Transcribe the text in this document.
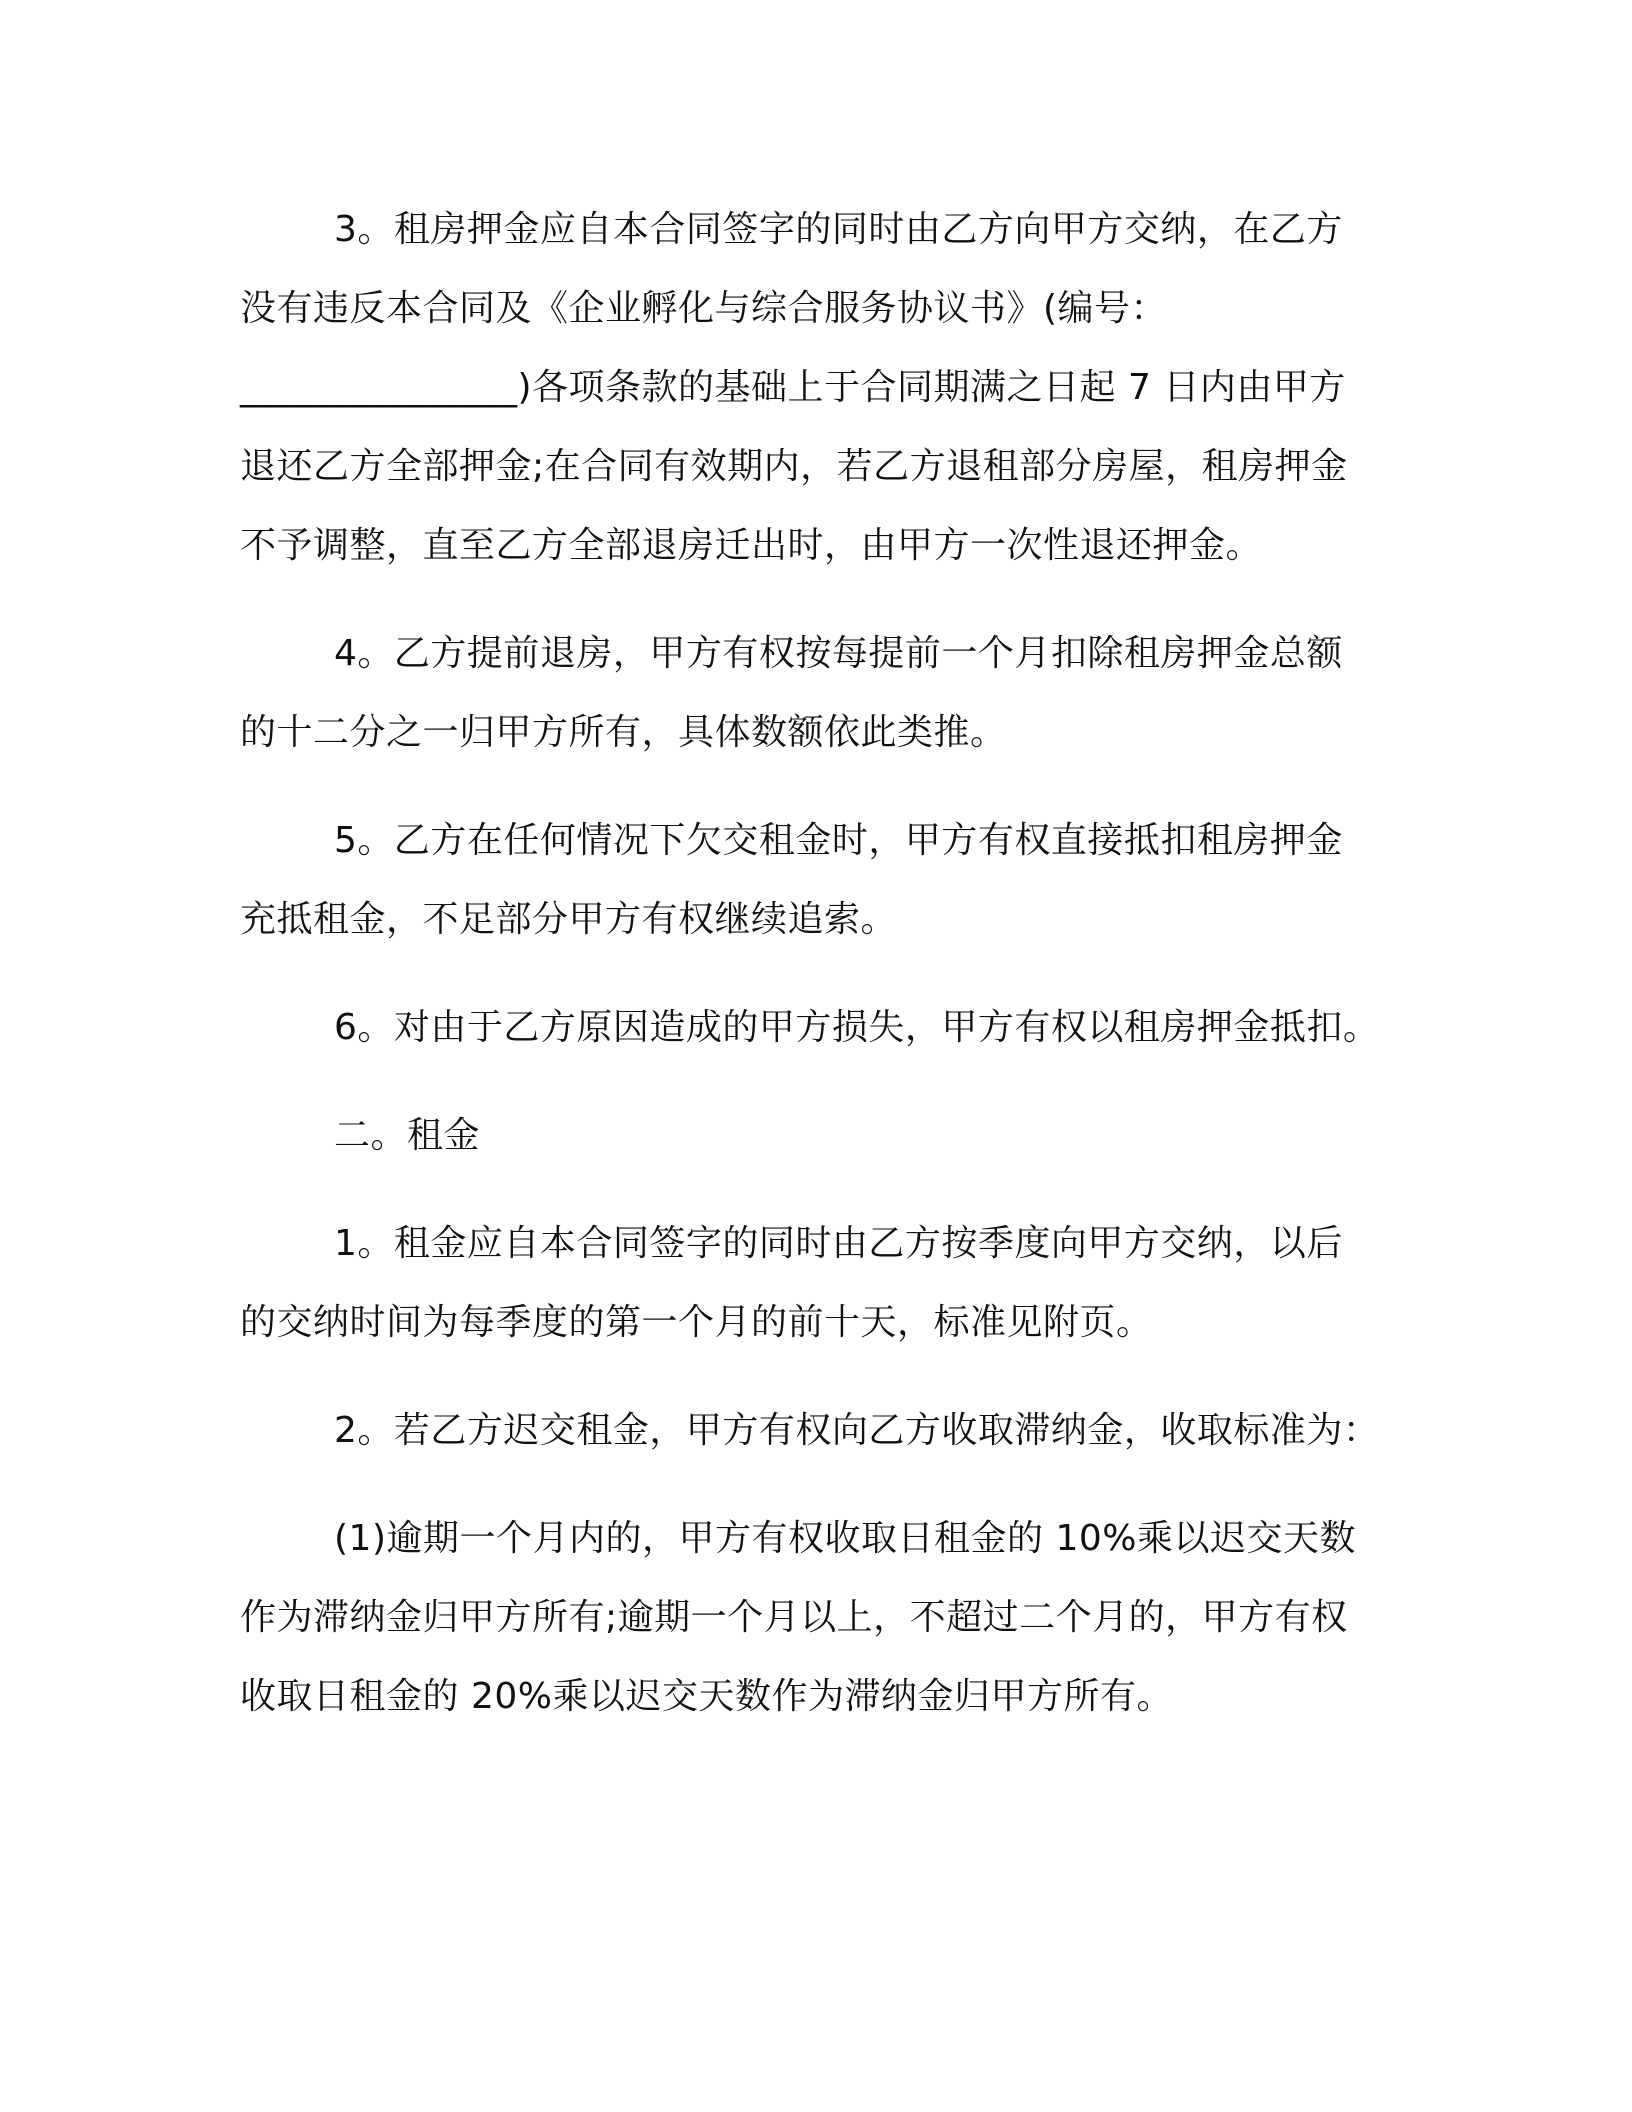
3。租房押金应自本合同签字的同时由乙方向甲方交纳，在乙方
没有违反本合同及《企业孵化与综合服务协议书》(编号：
_______________)各项条款的基础上于合同期满之日起 7 日内由甲方
退还乙方全部押金;在合同有效期内，若乙方退租部分房屋，租房押金
不予调整，直至乙方全部退房迁出时，由甲方一次性退还押金。

4。乙方提前退房，甲方有权按每提前一个月扣除租房押金总额
的十二分之一归甲方所有，具体数额依此类推。

5。乙方在任何情况下欠交租金时，甲方有权直接抵扣租房押金
充抵租金，不足部分甲方有权继续追索。

6。对由于乙方原因造成的甲方损失，甲方有权以租房押金抵扣。

二。租金

1。租金应自本合同签字的同时由乙方按季度向甲方交纳，以后
的交纳时间为每季度的第一个月的前十天，标准见附页。

2。若乙方迟交租金，甲方有权向乙方收取滞纳金，收取标准为：

(1)逾期一个月内的，甲方有权收取日租金的 10%乘以迟交天数
作为滞纳金归甲方所有;逾期一个月以上，不超过二个月的，甲方有权
收取日租金的 20%乘以迟交天数作为滞纳金归甲方所有。
